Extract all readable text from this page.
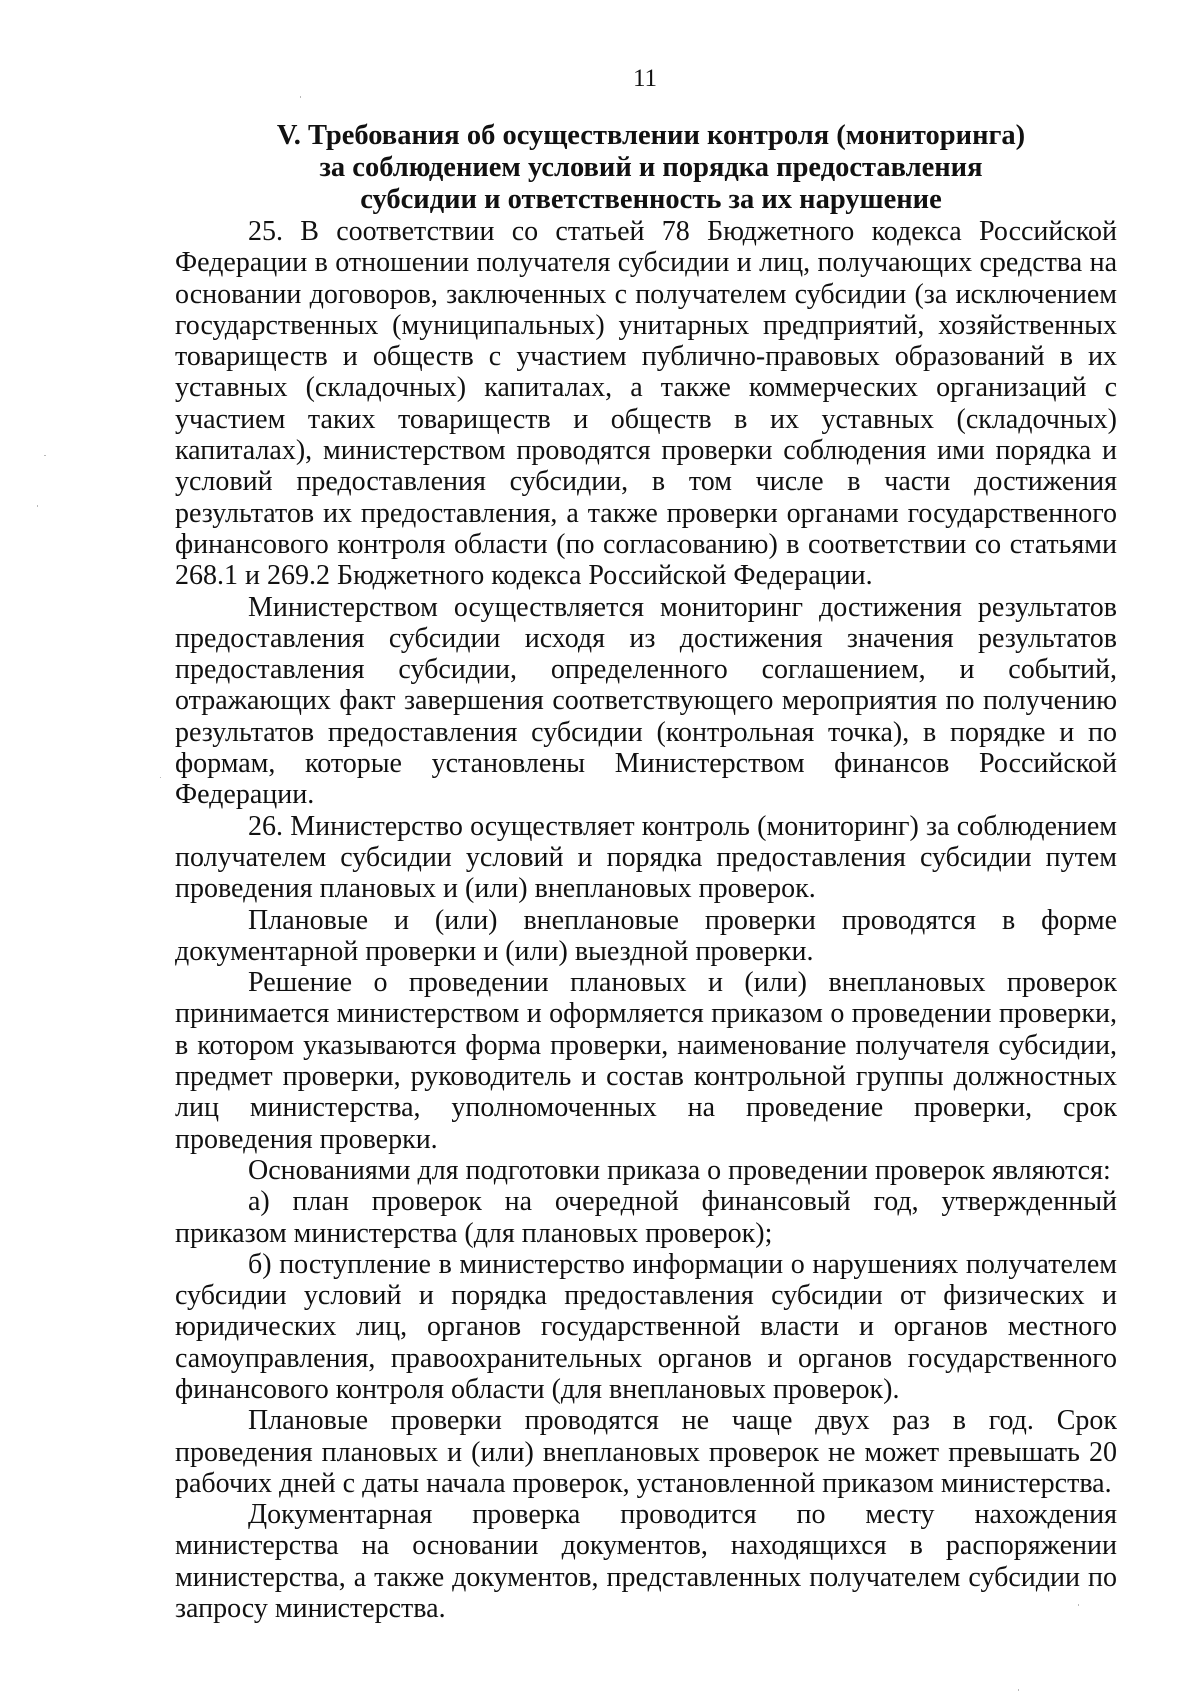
11
V. Требования об осуществлении контроля (мониторинга)
за соблюдением условий и порядка предоставления
субсидии и ответственность за их нарушение

25. В соответствии со статьей 78 Бюджетного кодекса Российской Федерации в отношении получателя субсидии и лиц, получающих средства на основании договоров, заключенных с получателем субсидии (за исключением государственных (муниципальных) унитарных предприятий, хозяйственных товариществ и обществ с участием публично-правовых образований в их уставных (складочных) капиталах, а также коммерческих организаций с участием таких товариществ и обществ в их уставных (складочных) капиталах), министерством проводятся проверки соблюдения ими порядка и условий предоставления субсидии, в том числе в части достижения результатов их предоставления, а также проверки органами государственного финансового контроля области (по согласованию) в соответствии со статьями 268.1 и 269.2 Бюджетного кодекса Российской Федерации.

Министерством осуществляется мониторинг достижения результатов предоставления субсидии исходя из достижения значения результатов предоставления субсидии, определенного соглашением, и событий, отражающих факт завершения соответствующего мероприятия по получению результатов предоставления субсидии (контрольная точка), в порядке и по формам, которые установлены Министерством финансов Российской Федерации.

26. Министерство осуществляет контроль (мониторинг) за соблюдением получателем субсидии условий и порядка предоставления субсидии путем проведения плановых и (или) внеплановых проверок.

Плановые и (или) внеплановые проверки проводятся в форме документарной проверки и (или) выездной проверки.

Решение о проведении плановых и (или) внеплановых проверок принимается министерством и оформляется приказом о проведении проверки, в котором указываются форма проверки, наименование получателя субсидии, предмет проверки, руководитель и состав контрольной группы должностных лиц министерства, уполномоченных на проведение проверки, срок проведения проверки.

Основаниями для подготовки приказа о проведении проверок являются:

а) план проверок на очередной финансовый год, утвержденный приказом министерства (для плановых проверок);

б) поступление в министерство информации о нарушениях получателем субсидии условий и порядка предоставления субсидии от физических и юридических лиц, органов государственной власти и органов местного самоуправления, правоохранительных органов и органов государственного финансового контроля области (для внеплановых проверок).

Плановые проверки проводятся не чаще двух раз в год. Срок проведения плановых и (или) внеплановых проверок не может превышать 20 рабочих дней с даты начала проверок, установленной приказом министерства.

Документарная проверка проводится по месту нахождения министерства на основании документов, находящихся в распоряжении министерства, а также документов, представленных получателем субсидии по запросу министерства.
